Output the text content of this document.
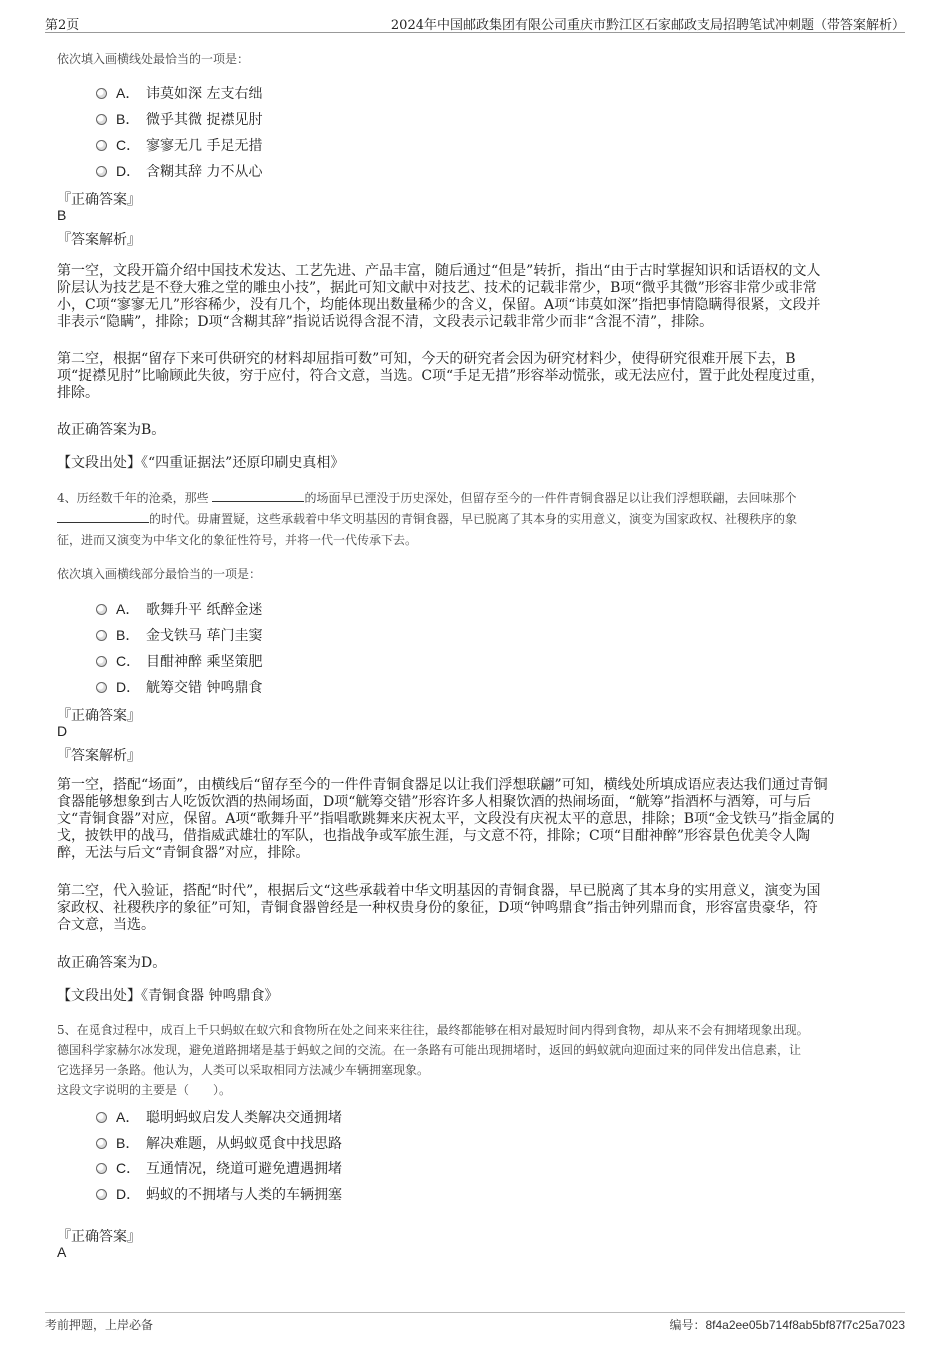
第2页	2024年中国邮政集团有限公司重庆市黔江区石家邮政支局招聘笔试冲刺题（带答案解析）
依次填入画横线处最恰当的一项是：
A． 讳莫如深 左支右绌
B． 微乎其微 捉襟见肘
C． 寥寥无几 手足无措
D． 含糊其辞 力不从心
『正确答案』
B
『答案解析』
第一空，文段开篇介绍中国技术发达、工艺先进、产品丰富，随后通过“但是”转折，指出“由于古时掌握知识和话语权的文人
阶层认为技艺是不登大雅之堂的雕虫小技”，据此可知文献中对技艺、技术的记载非常少，B项“微乎其微”形容非常少或非常
小，C项“寥寥无几”形容稀少，没有几个，均能体现出数量稀少的含义，保留。A项“讳莫如深”指把事情隐瞒得很紧，文段并
非表示“隐瞒”，排除；D项“含糊其辞”指说话说得含混不清，文段表示记载非常少而非“含混不清”，排除。
第二空，根据“留存下来可供研究的材料却屈指可数”可知，今天的研究者会因为研究材料少，使得研究很难开展下去，B
项“捉襟见肘”比喻顾此失彼，穷于应付，符合文意，当选。C项“手足无措”形容举动慌张，或无法应付，置于此处程度过重，
排除。
故正确答案为B。
【文段出处】《“四重证据法”还原印刷史真相》
4、历经数千年的沧桑，那些	的场面早已湮没于历史深处，但留存至今的一件件青铜食器足以让我们浮想联翩，去回味那个
的时代。毋庸置疑，这些承载着中华文明基因的青铜食器，早已脱离了其本身的实用意义，演变为国家政权、社稷秩序的象
征，进而又演变为中华文化的象征性符号，并将一代一代传承下去。
依次填入画横线部分最恰当的一项是：
A． 歌舞升平 纸醉金迷
B． 金戈铁马 荜门圭窦
C． 目酣神醉 乘坚策肥
D． 觥筹交错 钟鸣鼎食
『正确答案』
D
『答案解析』
第一空，搭配“场面”，由横线后“留存至今的一件件青铜食器足以让我们浮想联翩”可知，横线处所填成语应表达我们通过青铜
食器能够想象到古人吃饭饮酒的热闹场面，D项“觥筹交错”形容许多人相聚饮酒的热闹场面，“觥筹”指酒杯与酒筹，可与后
文“青铜食器”对应，保留。A项“歌舞升平”指唱歌跳舞来庆祝太平，文段没有庆祝太平的意思，排除；B项“金戈铁马”指金属的
戈，披铁甲的战马，借指威武雄壮的军队，也指战争或军旅生涯，与文意不符，排除；C项“目酣神醉”形容景色优美令人陶
醉，无法与后文“青铜食器”对应，排除。
第二空，代入验证，搭配“时代”，根据后文“这些承载着中华文明基因的青铜食器，早已脱离了其本身的实用意义，演变为国
家政权、社稷秩序的象征”可知，青铜食器曾经是一种权贵身份的象征，D项“钟鸣鼎食”指击钟列鼎而食，形容富贵豪华，符
合文意，当选。
故正确答案为D。
【文段出处】《青铜食器 钟鸣鼎食》
5、在觅食过程中，成百上千只蚂蚁在蚁穴和食物所在处之间来来往往，最终都能够在相对最短时间内得到食物，却从来不会有拥堵现象出现。
德国科学家赫尔冰发现，避免道路拥堵是基于蚂蚁之间的交流。在一条路有可能出现拥堵时，返回的蚂蚁就向迎面过来的同伴发出信息素，让
它选择另一条路。他认为，人类可以采取相同方法减少车辆拥塞现象。
这段文字说明的主要是（　　）。
A． 聪明蚂蚁启发人类解决交通拥堵
B． 解决难题，从蚂蚁觅食中找思路
C． 互通情况，绕道可避免遭遇拥堵
D． 蚂蚁的不拥堵与人类的车辆拥塞
『正确答案』
A
考前押题，上岸必备	编号：8f4a2ee05b714f8ab5bf87f7c25a7023
